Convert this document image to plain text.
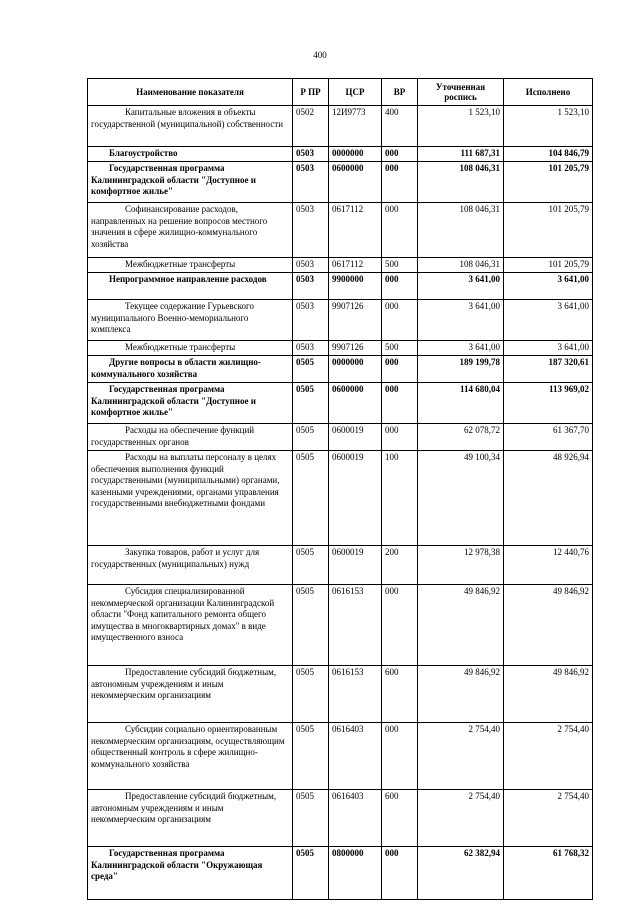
400
Наименование показателя	Р ПР	ЦСР	ВР	Уточненная роспись	Исполнено
Капитальные вложения в объекты государственной (муниципальной) собственности	0502	12И9773	400	1 523,10	1 523,10
Благоустройство	0503	0000000	000	111 687,31	104 846,79
Государственная программа Калининградской области "Доступное и комфортное жилье"	0503	0600000	000	108 046,31	101 205,79
Софинансирование расходов, направленных на решение вопросов местного значения в сфере жилищно-коммунального хозяйства	0503	0617112	000	108 046,31	101 205,79
Межбюджетные трансферты	0503	0617112	500	108 046,31	101 205,79
Непрограммное направление расходов	0503	9900000	000	3 641,00	3 641,00
Текущее содержание Гурьевского муниципального Военно-мемориального комплекса	0503	9907126	000	3 641,00	3 641,00
Межбюджетные трансферты	0503	9907126	500	3 641,00	3 641,00
Другие вопросы в области жилищно-коммунального хозяйства	0505	0000000	000	189 199,78	187 320,61
Государственная программа Калининградской области "Доступное и комфортное жилье"	0505	0600000	000	114 680,04	113 969,02
Расходы на обеспечение функций государственных органов	0505	0600019	000	62 078,72	61 367,70
Расходы на выплаты персоналу в целях обеспечения выполнения функций государственными (муниципальными) органами, казенными учреждениями, органами управления государственными внебюджетными фондами	0505	0600019	100	49 100,34	48 926,94
Закупка товаров, работ и услуг для государственных (муниципальных) нужд	0505	0600019	200	12 978,38	12 440,76
Субсидия специализированной некоммерческой организации Калининградской области "Фонд капитального ремонта общего имущества в многоквартирных домах" в виде имущественного взноса	0505	0616153	000	49 846,92	49 846,92
Предоставление субсидий бюджетным, автономным учреждениям и иным некоммерческим организациям	0505	0616153	600	49 846,92	49 846,92
Субсидии социально ориентированным некоммерческим организациям, осуществляющим общественный контроль в сфере жилищно-коммунального хозяйства	0505	0616403	000	2 754,40	2 754,40
Предоставление субсидий бюджетным, автономным учреждениям и иным некоммерческим организациям	0505	0616403	600	2 754,40	2 754,40
Государственная программа Калининградской области "Окружающая среда"	0505	0800000	000	62 382,94	61 768,32
